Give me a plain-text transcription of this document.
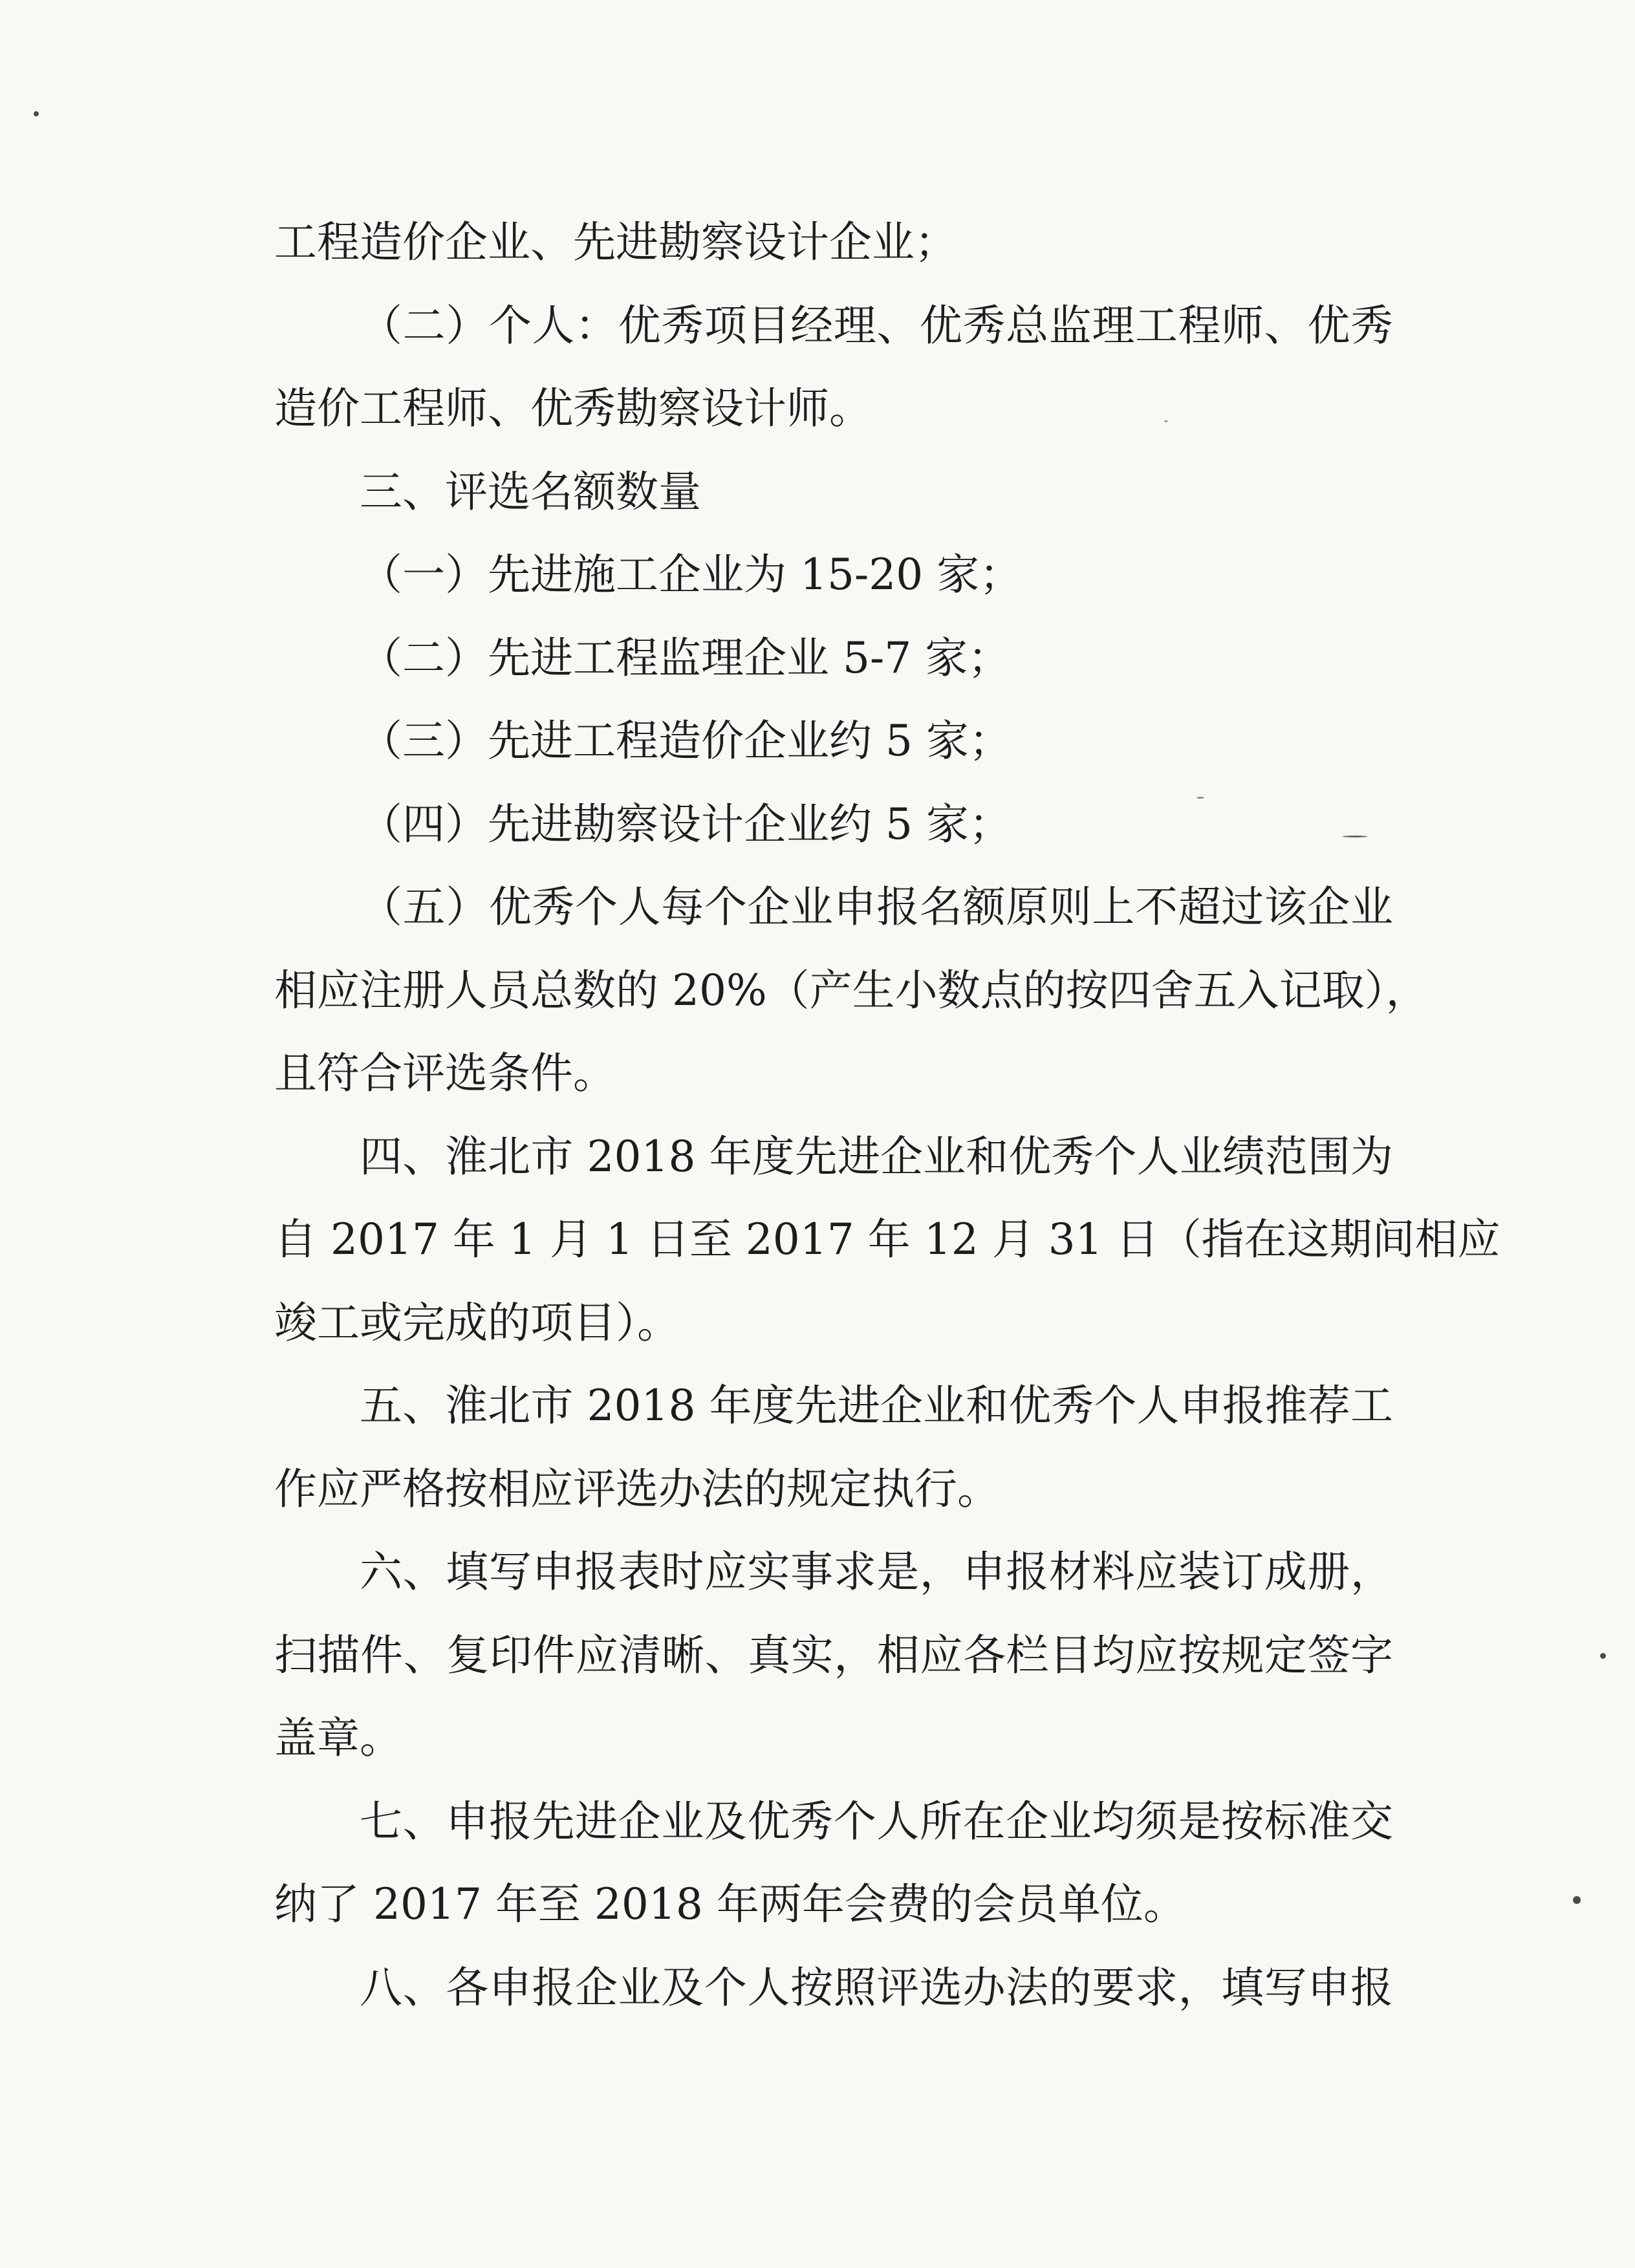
工程造价企业、先进勘察设计企业；
（二）个人：优秀项目经理、优秀总监理工程师、优秀
造价工程师、优秀勘察设计师。
三、评选名额数量
（一）先进施工企业为 15-20 家；
（二）先进工程监理企业 5-7 家；
（三）先进工程造价企业约 5 家；
（四）先进勘察设计企业约 5 家；
（五）优秀个人每个企业申报名额原则上不超过该企业
相应注册人员总数的 20%（产生小数点的按四舍五入记取），
且符合评选条件。
四、淮北市 2018 年度先进企业和优秀个人业绩范围为
自 2017 年 1 月 1 日至 2017 年 12 月 31 日（指在这期间相应
竣工或完成的项目）。
五、淮北市 2018 年度先进企业和优秀个人申报推荐工
作应严格按相应评选办法的规定执行。
六、填写申报表时应实事求是，申报材料应装订成册，
扫描件、复印件应清晰、真实，相应各栏目均应按规定签字
盖章。
七、申报先进企业及优秀个人所在企业均须是按标准交
纳了 2017 年至 2018 年两年会费的会员单位。
八、各申报企业及个人按照评选办法的要求，填写申报
